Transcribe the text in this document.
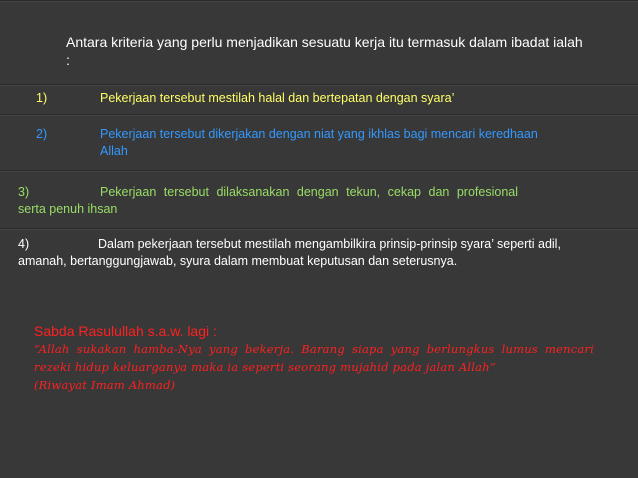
Antara kriteria yang perlu menjadikan sesuatu kerja itu termasuk dalam ibadat ialah :
1)	Pekerjaan tersebut mestilah halal dan bertepatan dengan syara’
2)	Pekerjaan tersebut dikerjakan dengan niat yang ikhlas bagi mencari keredhaan Allah
3)	Pekerjaan tersebut dilaksanakan dengan tekun, cekap dan profesional serta penuh ihsan
4)	Dalam pekerjaan tersebut mestilah mengambilkira prinsip-prinsip syara’ seperti adil, amanah, bertanggungjawab, syura dalam membuat keputusan dan seterusnya.
Sabda Rasulullah s.a.w. lagi :
“Allah sukakan hamba-Nya yang bekerja. Barang siapa yang berlungkus lumus mencari rezeki hidup keluarganya maka ia seperti seorang mujahid pada jalan Allah”
(Riwayat Imam Ahmad)
